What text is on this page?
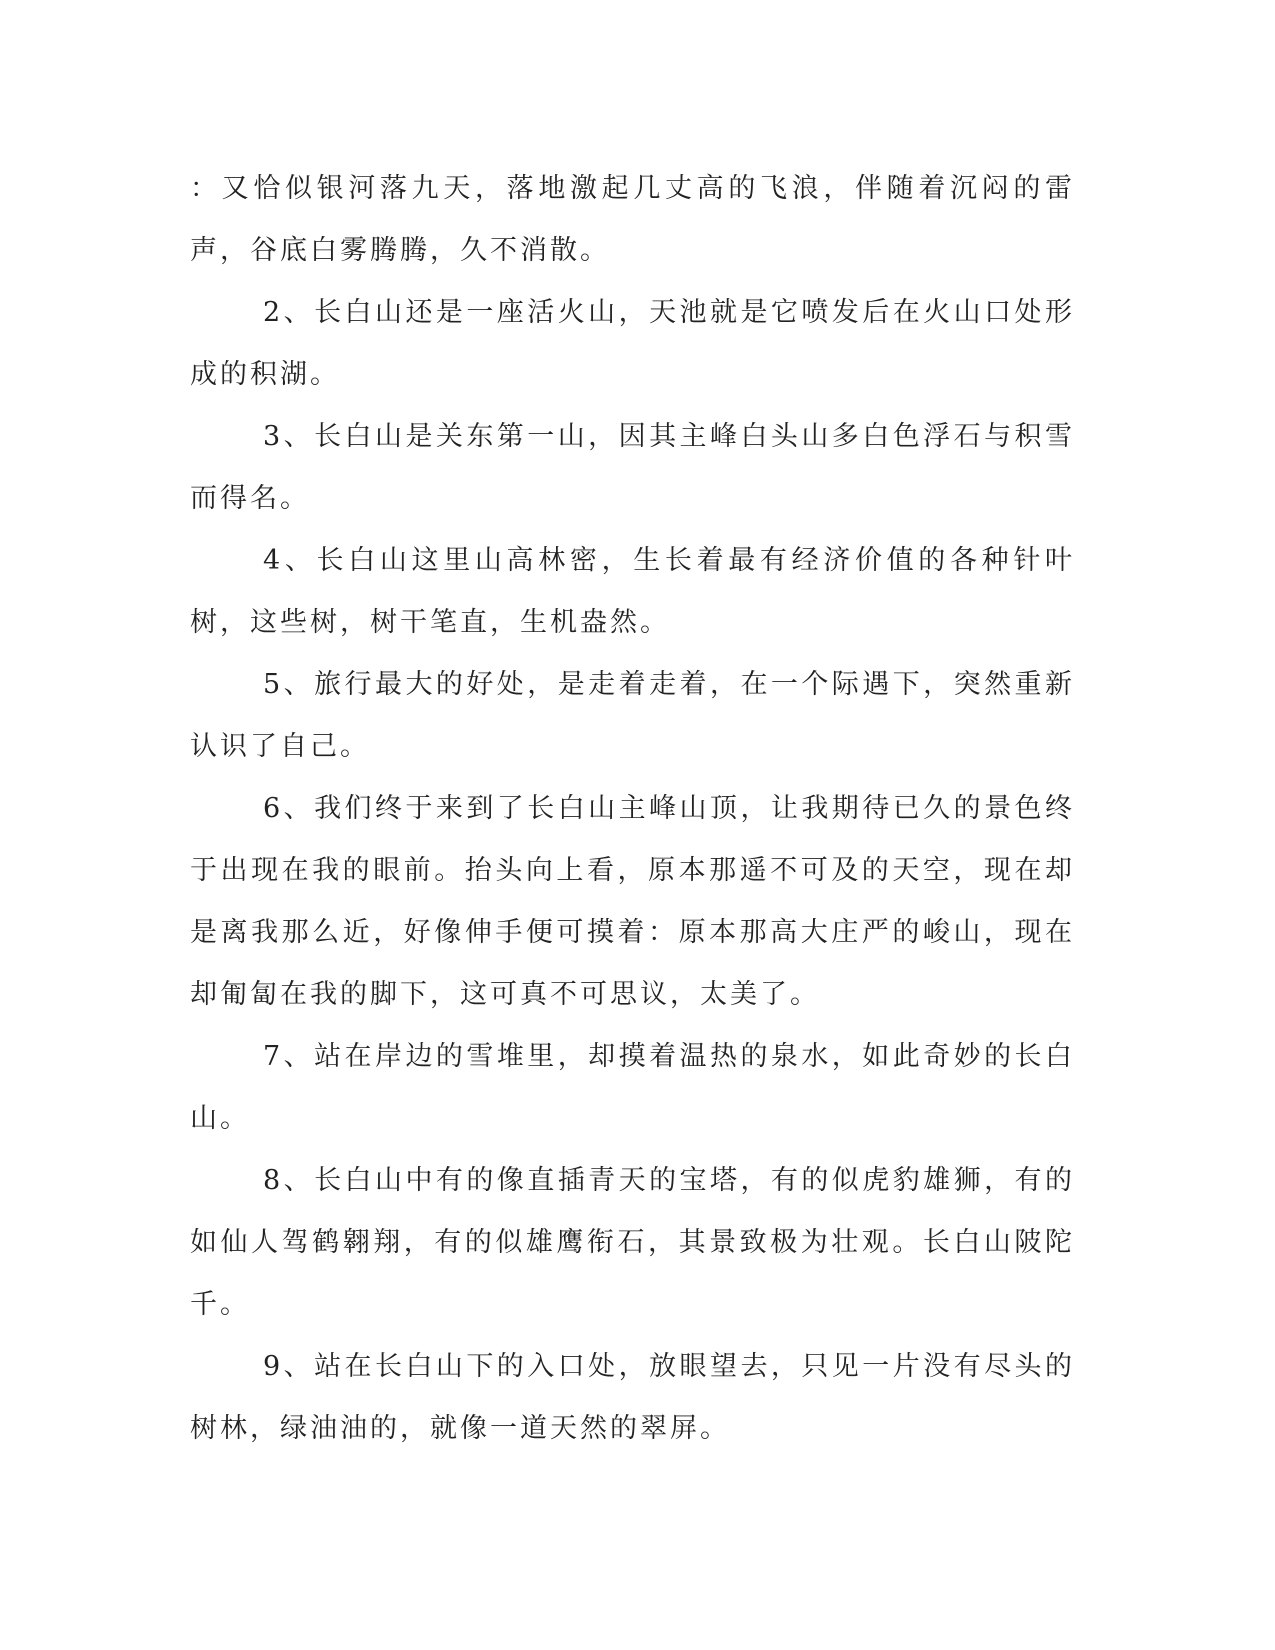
：又恰似银河落九天，落地激起几丈高的飞浪，伴随着沉闷的雷声，谷底白雾腾腾，久不消散。

2、长白山还是一座活火山，天池就是它喷发后在火山口处形成的积湖。

3、长白山是关东第一山，因其主峰白头山多白色浮石与积雪而得名。

4、长白山这里山高林密，生长着最有经济价值的各种针叶树，这些树，树干笔直，生机盎然。

5、旅行最大的好处，是走着走着，在一个际遇下，突然重新认识了自己。

6、我们终于来到了长白山主峰山顶，让我期待已久的景色终于出现在我的眼前。抬头向上看，原本那遥不可及的天空，现在却是离我那么近，好像伸手便可摸着：原本那高大庄严的峻山，现在却匍匐在我的脚下，这可真不可思议，太美了。

7、站在岸边的雪堆里，却摸着温热的泉水，如此奇妙的长白山。

8、长白山中有的像直插青天的宝塔，有的似虎豹雄狮，有的如仙人驾鹤翱翔，有的似雄鹰衔石，其景致极为壮观。长白山陂陀千。

9、站在长白山下的入口处，放眼望去，只见一片没有尽头的树林，绿油油的，就像一道天然的翠屏。
